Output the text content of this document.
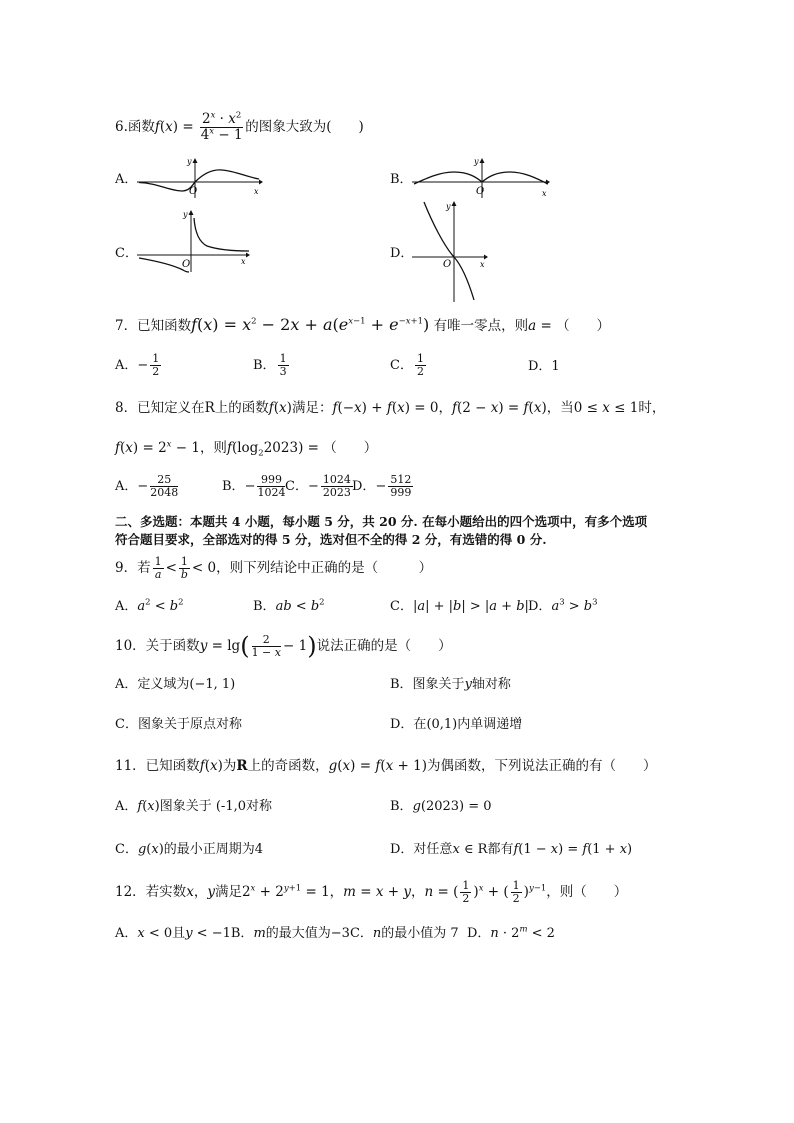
6.函数$f(x) = \frac{2^x \cdot x^2}{4^x - 1}$ 的图象大致为(　　)
A．
y
O	x
B．
y
O	x
C．
y
O	x
D．
y
O	x
7．已知函数$f(x) = x^2 - 2x + a(e^{x-1} + e^{-x+1})$ 有唯一零点，则a = （　　）
A．− $\frac{1}{2}$	B． $\frac{1}{3}$	C． $\frac{1}{2}$	D．1
8．已知定义在R上的函数f(x)满足：f(−x) + f(x) = 0，f(2 − x) = f(x)，当0 ≤ x ≤ 1时，
$f(x) = 2^x - 1$，则$f(\log_22023)$ = （　　）
A．− $\frac{25}{2048}$	B．− $\frac{999}{1024}$ C．− $\frac{1024}{2023}$ D．− $\frac{512}{999}$
二、多选题：本题共 4 小题，每小题 5 分，共 20 分. 在每小题给出的四个选项中，有多个选项
符合题目要求，全部选对的得 5 分，选对但不全的得 2 分，有选错的得 0 分.
9．若 $\frac{1}{a} < \frac{1}{b} < 0$，则下列结论中正确的是（　　　）
A．$a^2 < b^2$	B．ab < $b^2$	C．|a| + |b| > |a + b| D．$a^3 > b^3$
10．关于函数$y = \lg( \frac{2}{1 - x} - 1)$说法正确的是（　　）
A．定义域为(−1, 1)	B．图象关于y轴对称
C．图象关于原点对称	D．在(0,1)内单调递增
11．已知函数f(x)为R上的奇函数，g(x) = f(x + 1)为偶函数，下列说法正确的有（　　）
A．f(x)图象关于 (-1,0对称	B．g(2023) = 0
C．g(x)的最小正周期为4	D．对任意x ∈ R都有f(1 − x) = f(1 + x)
12．若实数x，y满足$2^x + 2^{y+1} = 1$，m = x + y，n = ( $\frac{1}{2} )^x$ + ( $\frac{1}{2} )^{y-1}$，则（　　）
A．x < 0且y < −1B．m的最大值为−3C．n的最小值为 7 D．$n \cdot 2^m < 2$
